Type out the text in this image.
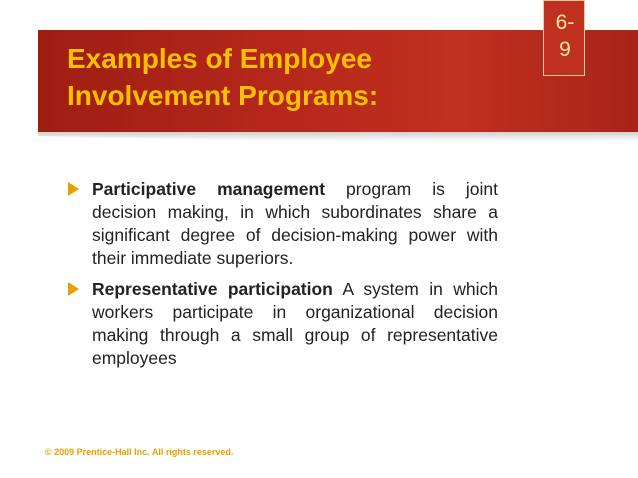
Examples of Employee Involvement Programs:
6-
9
Participative management program is joint decision making, in which subordinates share a significant degree of decision-making power with their immediate superiors.
Representative participation A system in which workers participate in organizational decision making through a small group of representative employees
© 2009 Prentice-Hall Inc. All rights reserved.
